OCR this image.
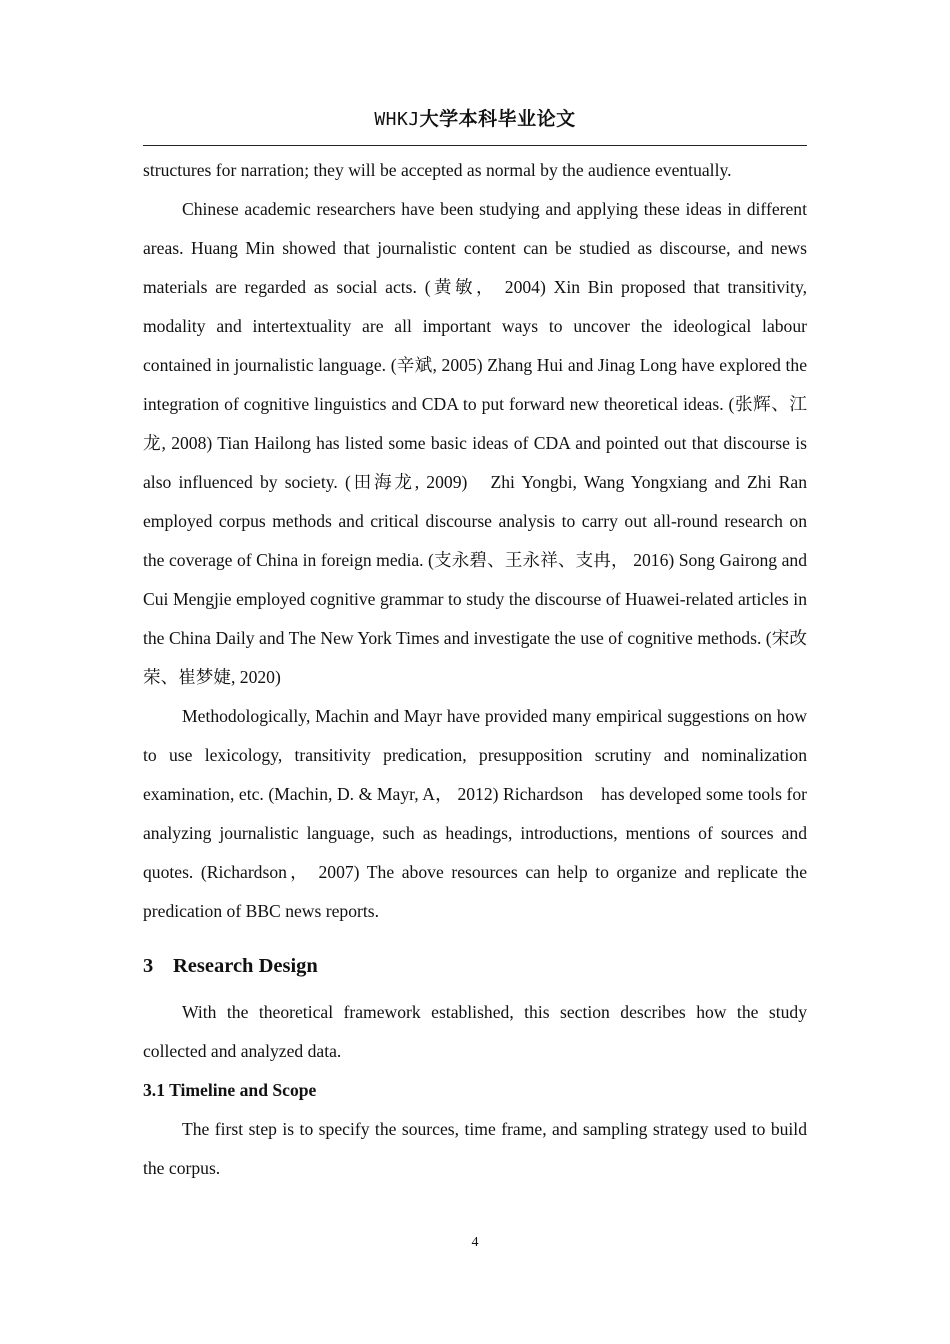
WHKJ大学本科毕业论文

structures for narration; they will be accepted as normal by the audience eventually.

Chinese academic researchers have been studying and applying these ideas in different areas. Huang Min showed that journalistic content can be studied as discourse, and news materials are regarded as social acts. (黄敏， 2004) Xin Bin proposed that transitivity, modality and intertextuality are all important ways to uncover the ideological labour contained in journalistic language. (辛斌, 2005) Zhang Hui and Jinag Long have explored the integration of cognitive linguistics and CDA to put forward new theoretical ideas. (张辉、江龙, 2008) Tian Hailong has listed some basic ideas of CDA and pointed out that discourse is also influenced by society. (田海龙, 2009)　Zhi Yongbi, Wang Yongxiang and Zhi Ran employed corpus methods and critical discourse analysis to carry out all-round research on the coverage of China in foreign media. (支永碧、王永祥、支冉， 2016) Song Gairong and Cui Mengjie employed cognitive grammar to study the discourse of Huawei-related articles in the China Daily and The New York Times and investigate the use of cognitive methods. (宋改荣、崔梦婕, 2020)

Methodologically, Machin and Mayr have provided many empirical suggestions on how to use lexicology, transitivity predication, presupposition scrutiny and nominalization examination, etc. (Machin, D. & Mayr, A， 2012) Richardson　has developed some tools for analyzing journalistic language, such as headings, introductions, mentions of sources and quotes. (Richardson， 2007) The above resources can help to organize and replicate the predication of BBC news reports.

3 Research Design

With the theoretical framework established, this section describes how the study collected and analyzed data.

3.1 Timeline and Scope

The first step is to specify the sources, time frame, and sampling strategy used to build the corpus.

4
